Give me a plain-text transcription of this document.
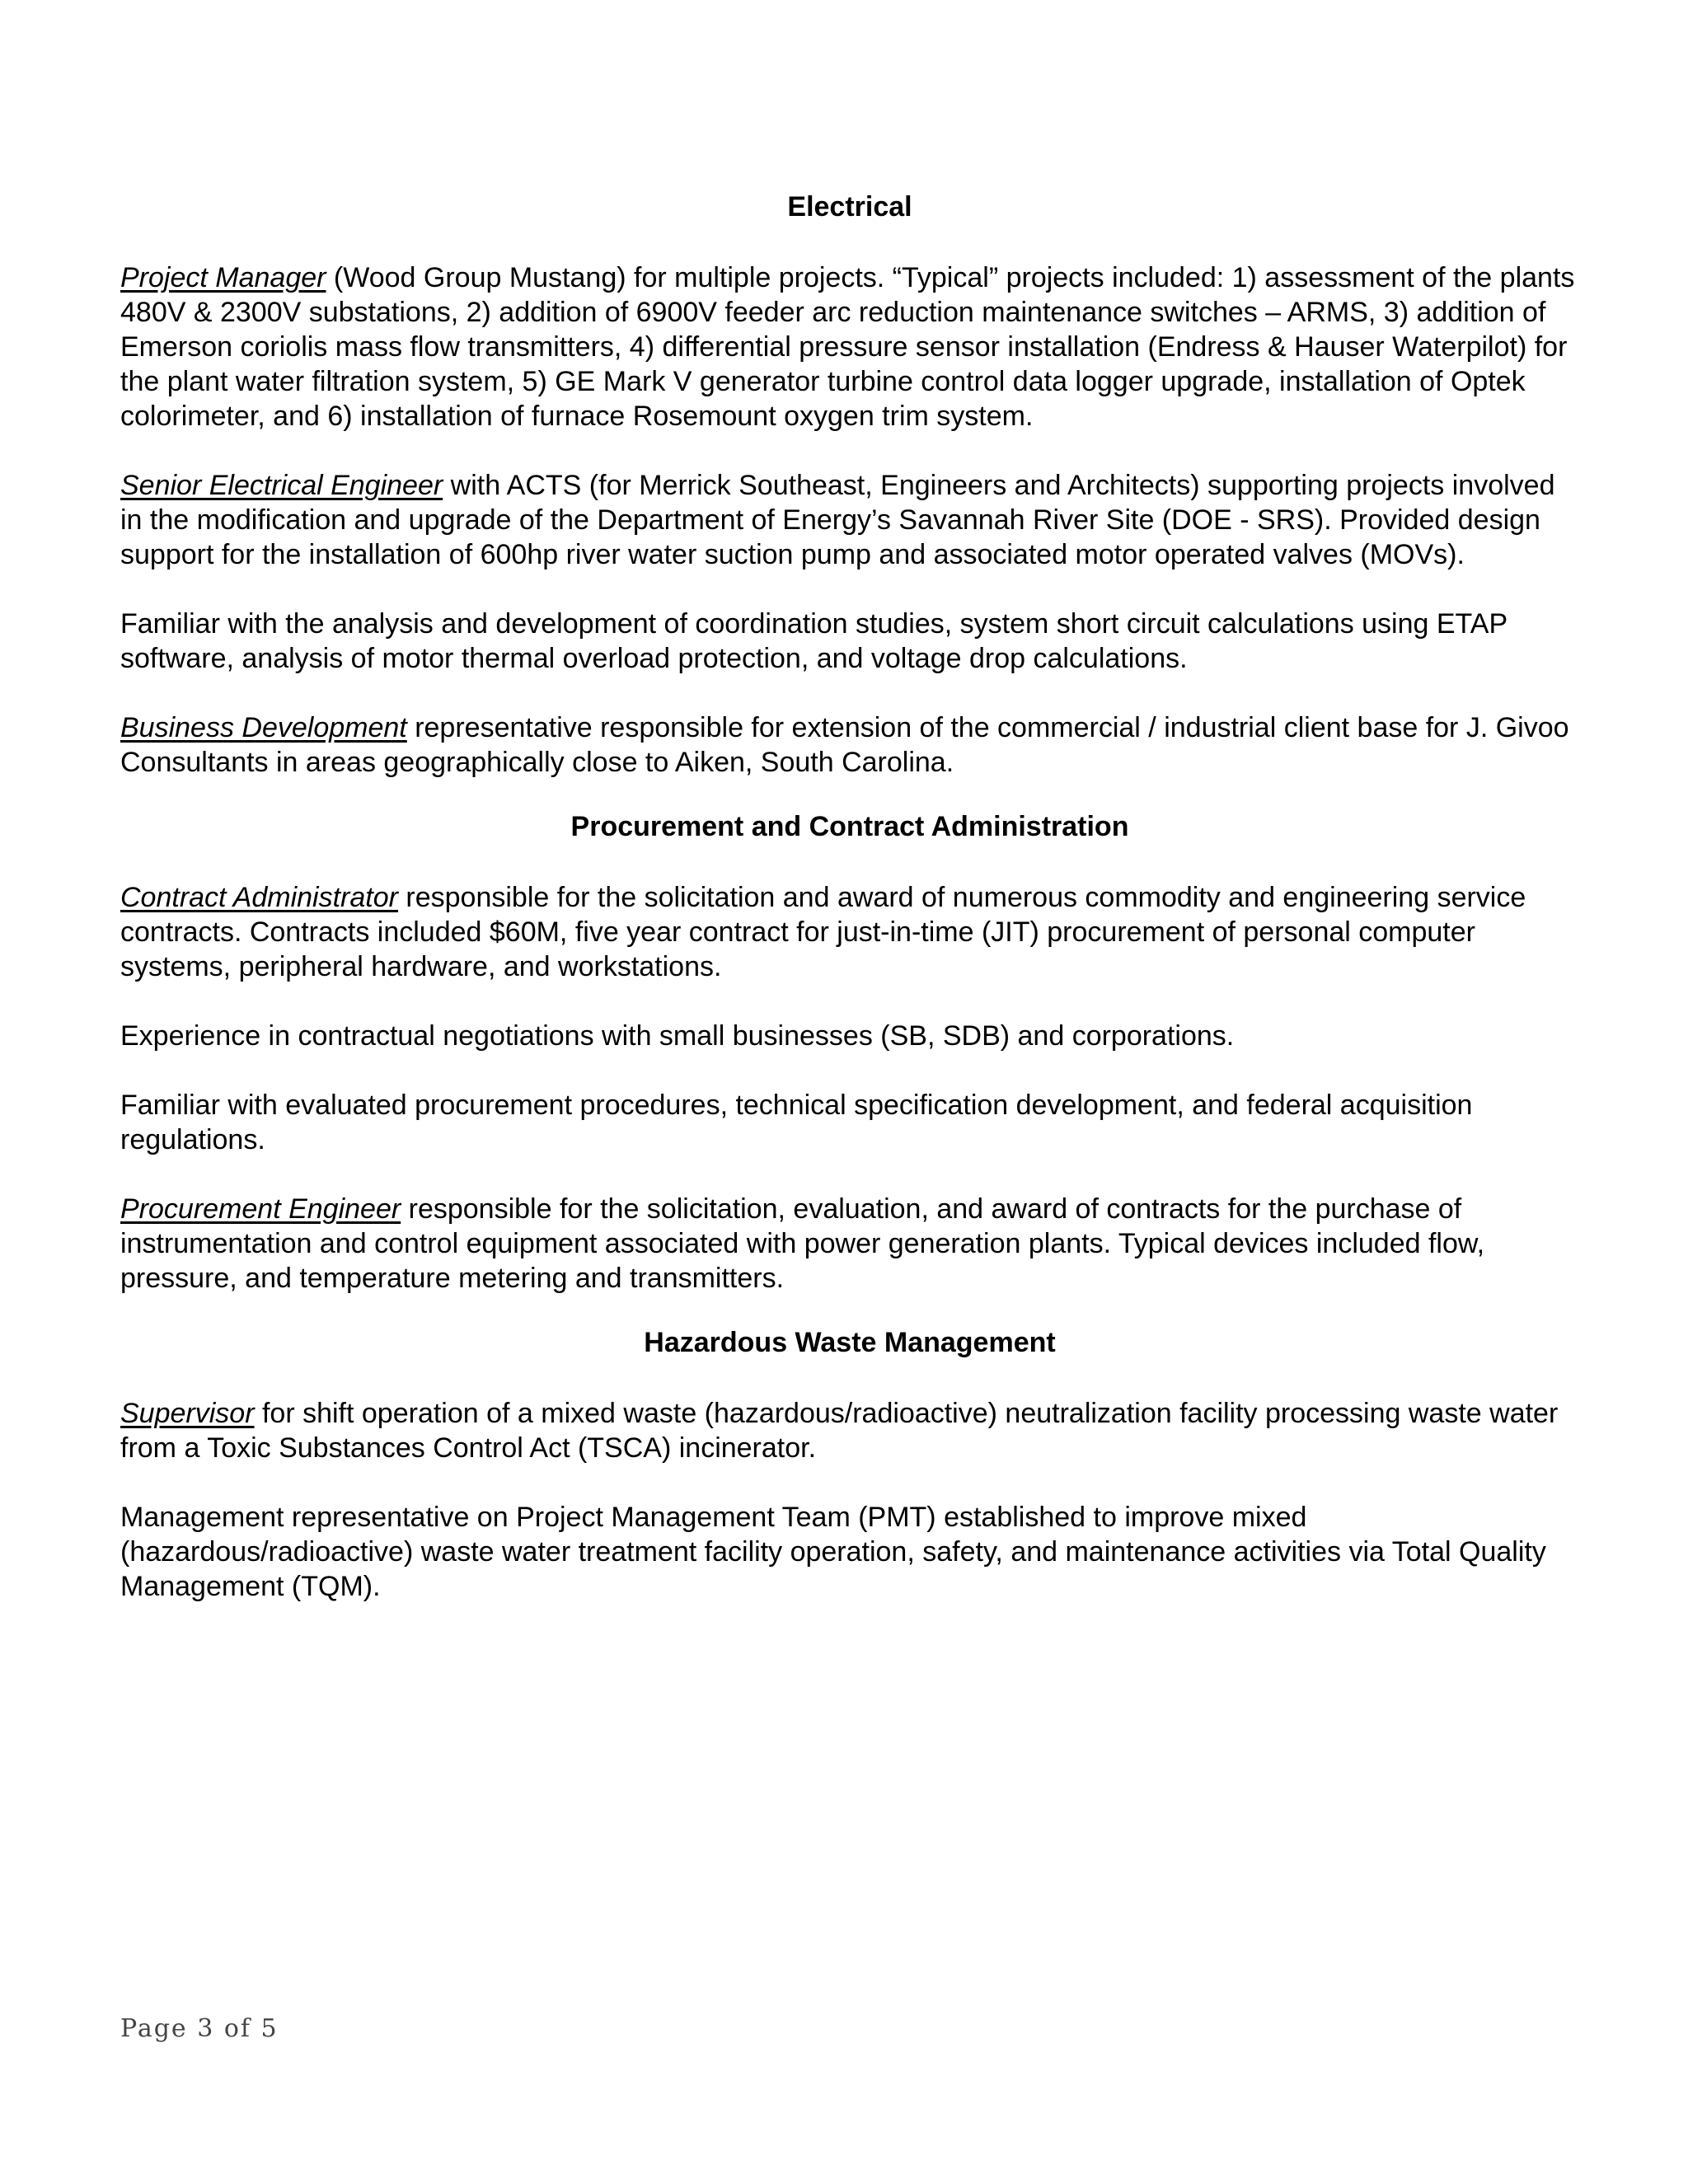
Electrical

Project Manager (Wood Group Mustang) for multiple projects. “Typical” projects included: 1) assessment of the plants 480V & 2300V substations, 2) addition of 6900V feeder arc reduction maintenance switches – ARMS, 3) addition of Emerson coriolis mass flow transmitters, 4) differential pressure sensor installation (Endress & Hauser Waterpilot) for the plant water filtration system, 5) GE Mark V generator turbine control data logger upgrade, installation of Optek colorimeter, and 6) installation of furnace Rosemount oxygen trim system.

Senior Electrical Engineer with ACTS (for Merrick Southeast, Engineers and Architects) supporting projects involved in the modification and upgrade of the Department of Energy’s Savannah River Site (DOE - SRS). Provided design support for the installation of 600hp river water suction pump and associated motor operated valves (MOVs).

Familiar with the analysis and development of coordination studies, system short circuit calculations using ETAP software, analysis of motor thermal overload protection, and voltage drop calculations.

Business Development representative responsible for extension of the commercial / industrial client base for J. Givoo Consultants in areas geographically close to Aiken, South Carolina.

Procurement and Contract Administration

Contract Administrator responsible for the solicitation and award of numerous commodity and engineering service contracts. Contracts included $60M, five year contract for just-in-time (JIT) procurement of personal computer systems, peripheral hardware, and workstations.

Experience in contractual negotiations with small businesses (SB, SDB) and corporations.

Familiar with evaluated procurement procedures, technical specification development, and federal acquisition regulations.

Procurement Engineer responsible for the solicitation, evaluation, and award of contracts for the purchase of instrumentation and control equipment associated with power generation plants. Typical devices included flow, pressure, and temperature metering and transmitters.

Hazardous Waste Management

Supervisor for shift operation of a mixed waste (hazardous/radioactive) neutralization facility processing waste water from a Toxic Substances Control Act (TSCA) incinerator.

Management representative on Project Management Team (PMT) established to improve mixed (hazardous/radioactive) waste water treatment facility operation, safety, and maintenance activities via Total Quality Management (TQM).

Page 3 of 5
